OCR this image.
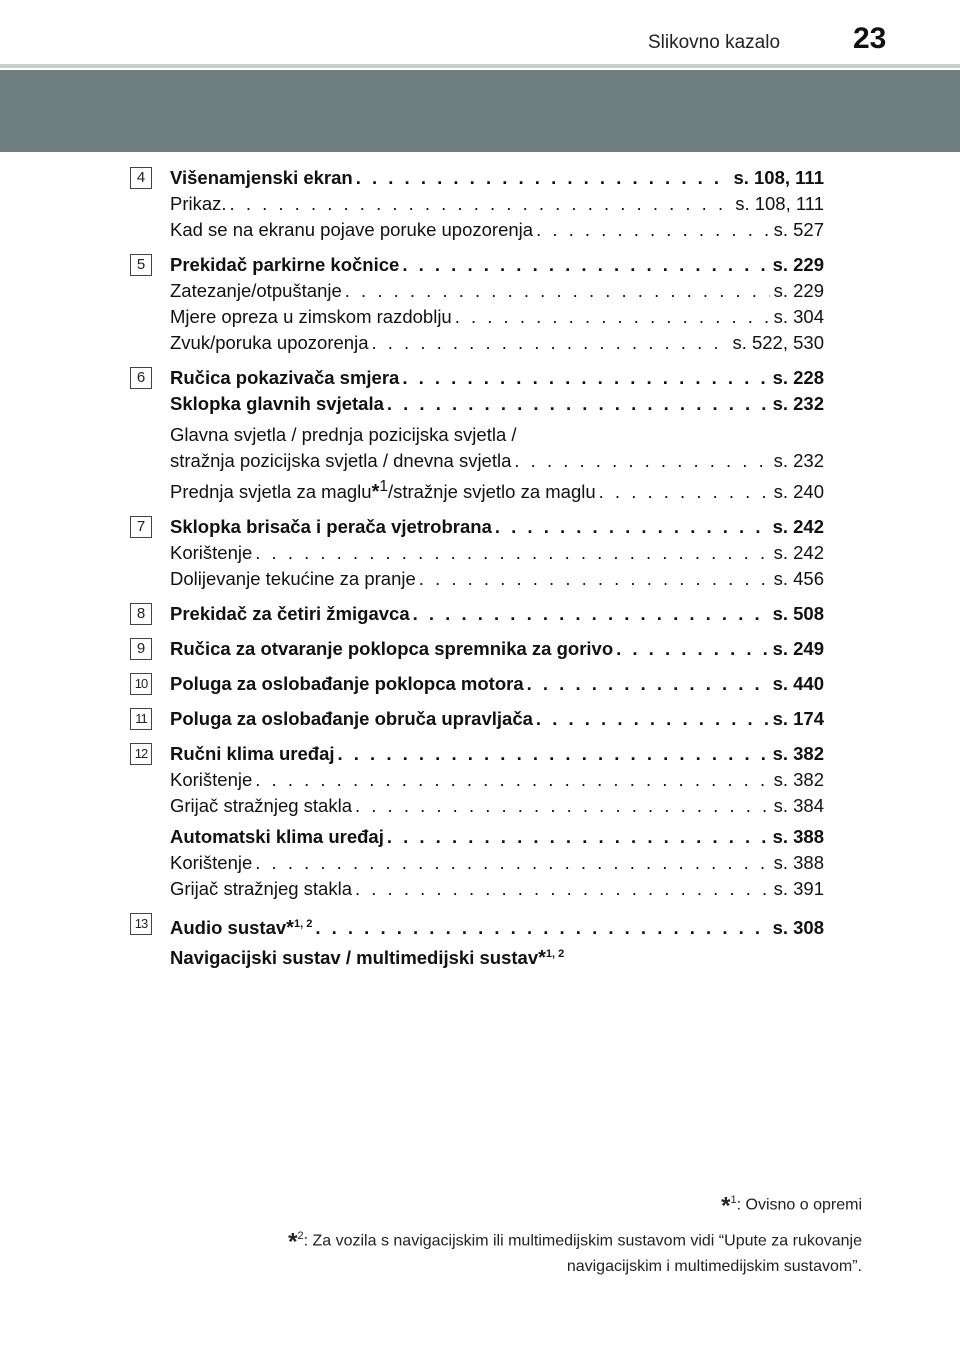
Slikovno kazalo 23
4	Višenamjenski ekran . . .	s. 108, 111
Prikaz. . . .	s. 108, 111
Kad se na ekranu pojave poruke upozorenja . . .	s. 527
5	Prekidač parkirne kočnice . . .	s. 229
Zatezanje/otpuštanje . . .	s. 229
Mjere opreza u zimskom razdoblju . . .	s. 304
Zvuk/poruka upozorenja . . .	s. 522, 530
6	Ručica pokazivača smjera . . .	s. 228
Sklopka glavnih svjetala . . .	s. 232
Glavna svjetla / prednja pozicijska svjetla /
stražnja pozicijska svjetla / dnevna svjetla . . .	s. 232
Prednja svjetla za maglu*$^1$/stražnje svjetlo za maglu . . .	s. 240
7	Sklopka brisača i perača vjetrobrana . . .	s. 242
Korištenje . . .	s. 242
Dolijevanje tekućine za pranje . . .	s. 456
8	Prekidač za četiri žmigavca . . .	s. 508
9	Ručica za otvaranje poklopca spremnika za gorivo . . .	s. 249
10 Poluga za oslobađanje poklopca motora . . .	s. 440
11 Poluga za oslobađanje obruča upravljača . . .	s. 174
12 Ručni klima uređaj . . .	s. 382
Korištenje . . .	s. 382
Grijač stražnjeg stakla . . .	s. 384
Automatski klima uređaj . . .	s. 388
Korištenje . . .	s. 388
Grijač stražnjeg stakla . . .	s. 391
13 Audio sustav*$^{1, 2}$ . . .	s. 308
Navigacijski sustav / multimedijski sustav*$^{1, 2}$
*$^1$: Ovisno o opremi
*$^2$: Za vozila s navigacijskim ili multimedijskim sustavom vidi “Upute za rukovanje
navigacijskim i multimedijskim sustavom”.
